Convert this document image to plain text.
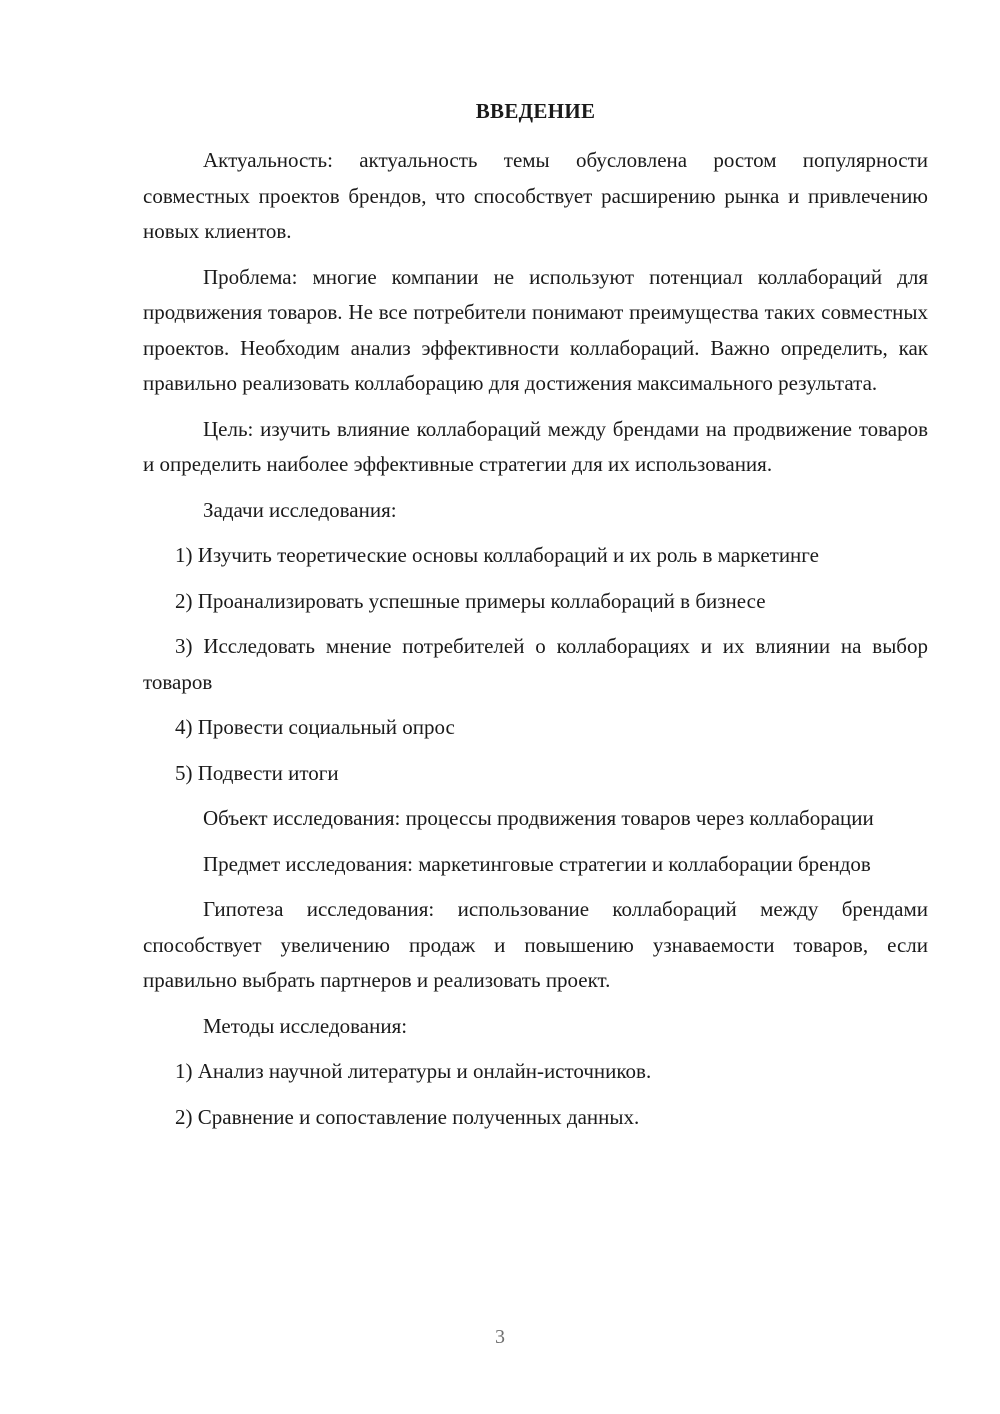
ВВЕДЕНИЕ

Актуальность: актуальность темы обусловлена ростом популярности совместных проектов брендов, что способствует расширению рынка и привлечению новых клиентов.

Проблема: многие компании не используют потенциал коллабораций для продвижения товаров. Не все потребители понимают преимущества таких совместных проектов. Необходим анализ эффективности коллабораций. Важно определить, как правильно реализовать коллаборацию для достижения максимального результата.

Цель: изучить влияние коллабораций между брендами на продвижение товаров и определить наиболее эффективные стратегии для их использования.

Задачи исследования:

1) Изучить теоретические основы коллабораций и их роль в маркетинге

2) Проанализировать успешные примеры коллабораций в бизнесе

3) Исследовать мнение потребителей о коллаборациях и их влиянии на выбор товаров

4) Провести социальный опрос

5) Подвести итоги

Объект исследования: процессы продвижения товаров через коллаборации

Предмет исследования: маркетинговые стратегии и коллаборации брендов

Гипотеза исследования: использование коллабораций между брендами способствует увеличению продаж и повышению узнаваемости товаров, если правильно выбрать партнеров и реализовать проект.

Методы исследования:

1) Анализ научной литературы и онлайн-источников.

2) Сравнение и сопоставление полученных данных.

3
